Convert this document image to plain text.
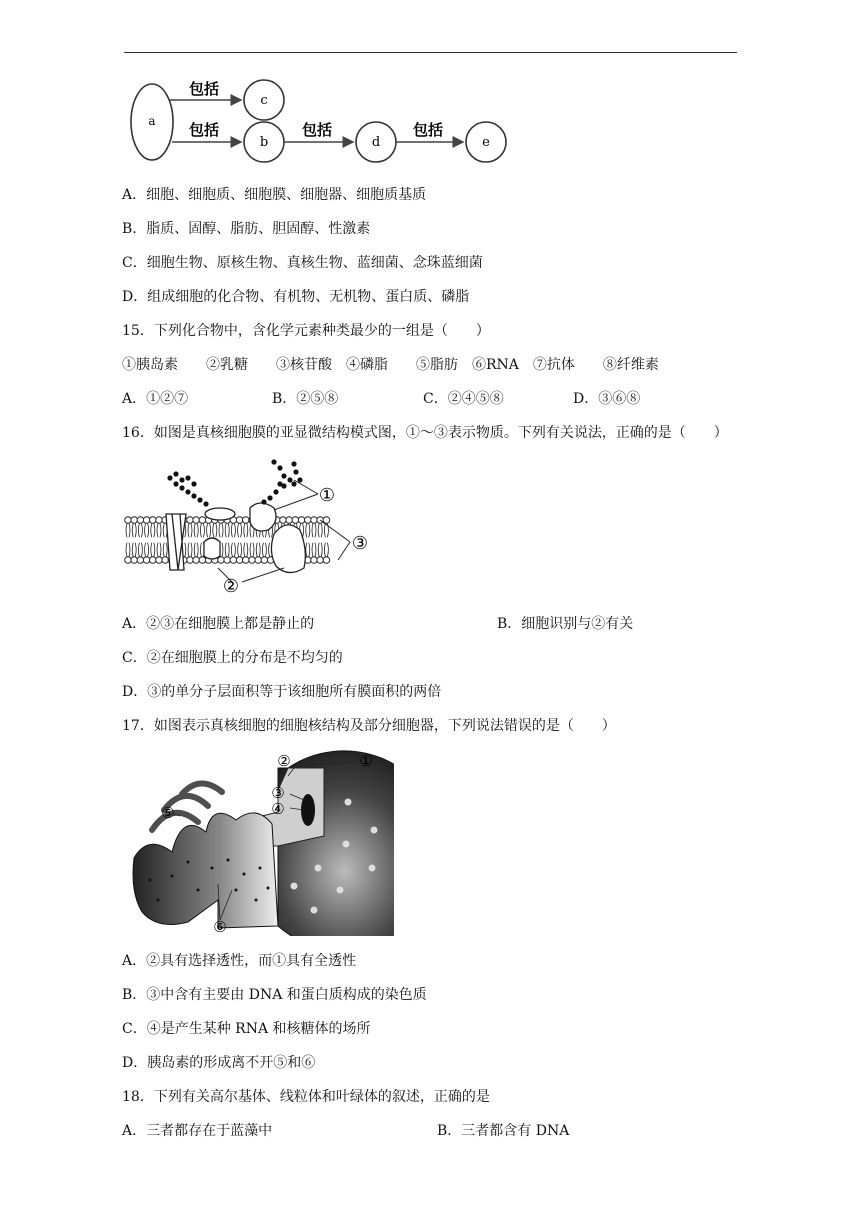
a
c
b	d	e
包括
包括	包括	包括
A．细胞、细胞质、细胞膜、细胞器、细胞质基质
B．脂质、固醇、脂肪、胆固醇、性激素
C．细胞生物、原核生物、真核生物、蓝细菌、念珠蓝细菌
D．组成细胞的化合物、有机物、无机物、蛋白质、磷脂
15．下列化合物中，含化学元素种类最少的一组是（　　）
①胰岛素　　②乳糖　　③核苷酸　④磷脂　　⑤脂肪　⑥RNA　⑦抗体　　⑧纤维素
A．①②⑦	B．②⑤⑧	C．②④⑤⑧	D．③⑥⑧
16．如图是真核细胞膜的亚显微结构模式图，①～③表示物质。下列有关说法，正确的是（　　）
①
②
③
A．②③在细胞膜上都是静止的	B．细胞识别与②有关
C．②在细胞膜上的分布是不均匀的
D．③的单分子层面积等于该细胞所有膜面积的两倍
17．如图表示真核细胞的细胞核结构及部分细胞器，下列说法错误的是（　　）
①
②
③
④
⑤
⑥
A．②具有选择透性，而①具有全透性
B．③中含有主要由 DNA 和蛋白质构成的染色质
C．④是产生某种 RNA 和核糖体的场所
D．胰岛素的形成离不开⑤和⑥
18．下列有关高尔基体、线粒体和叶绿体的叙述，正确的是
A．三者都存在于蓝藻中	B．三者都含有 DNA
